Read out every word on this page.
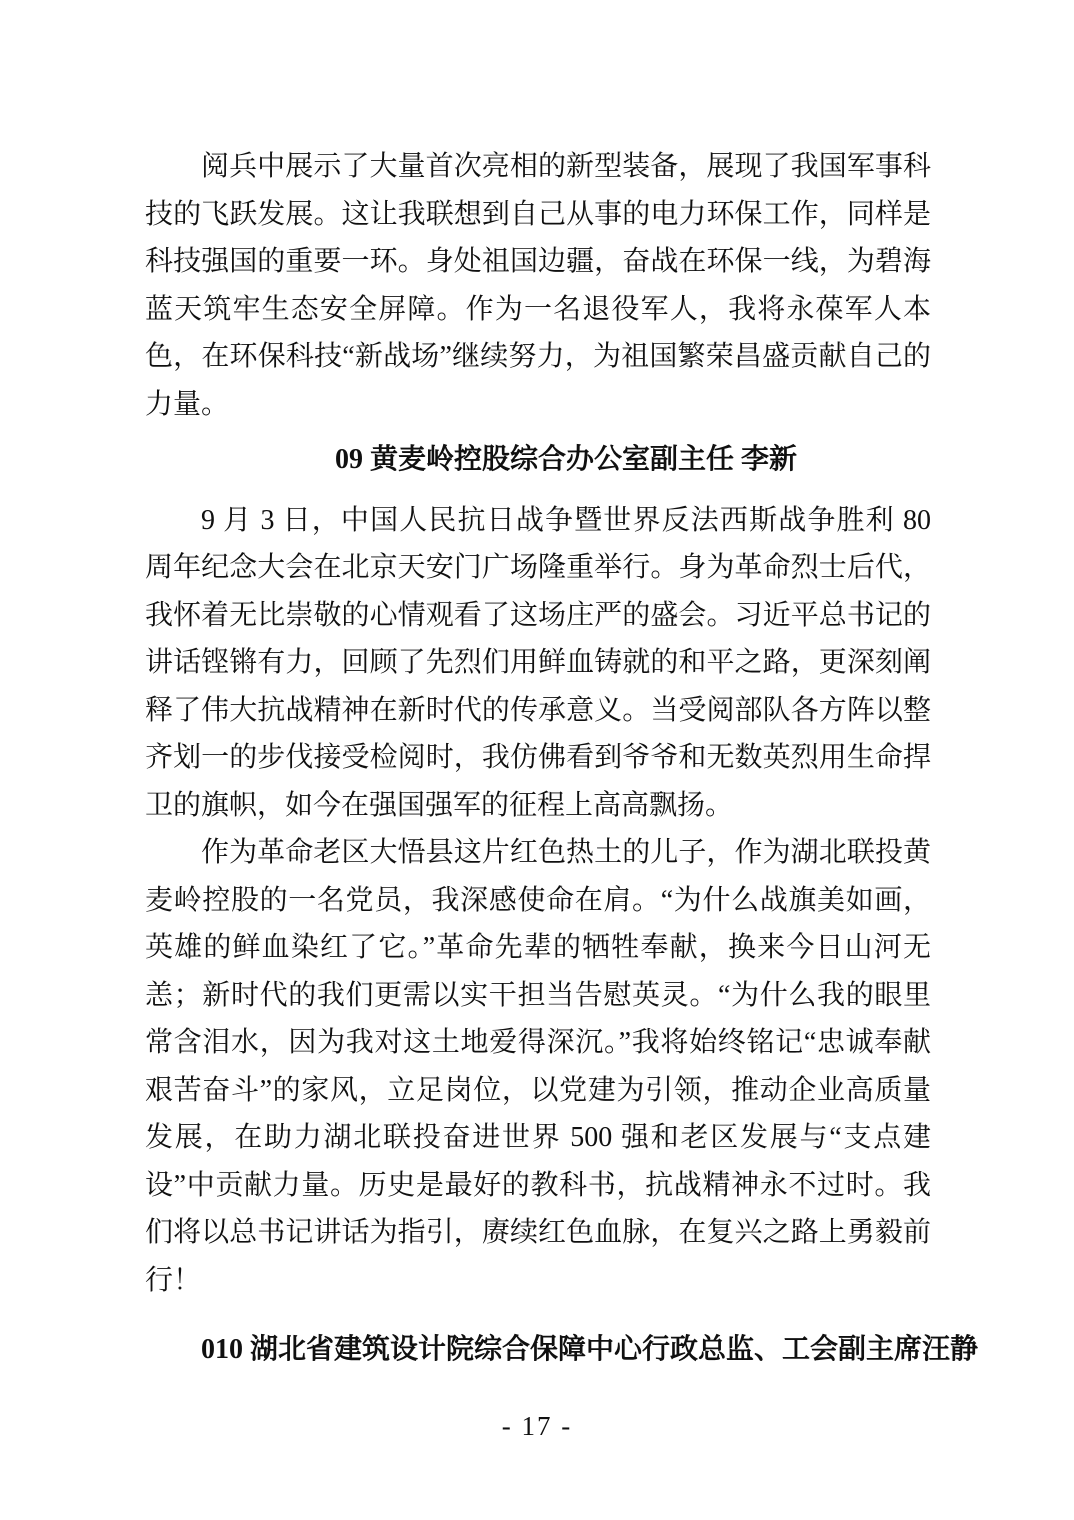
阅兵中展示了大量首次亮相的新型装备，展现了我国军事科技的飞跃发展。这让我联想到自己从事的电力环保工作，同样是科技强国的重要一环。身处祖国边疆，奋战在环保一线，为碧海蓝天筑牢生态安全屏障。作为一名退役军人，我将永葆军人本色，在环保科技“新战场”继续努力，为祖国繁荣昌盛贡献自己的力量。

09 黄麦岭控股综合办公室副主任 李新

9 月 3 日，中国人民抗日战争暨世界反法西斯战争胜利 80 周年纪念大会在北京天安门广场隆重举行。身为革命烈士后代，我怀着无比崇敬的心情观看了这场庄严的盛会。习近平总书记的讲话铿锵有力，回顾了先烈们用鲜血铸就的和平之路，更深刻阐释了伟大抗战精神在新时代的传承意义。当受阅部队各方阵以整齐划一的步伐接受检阅时，我仿佛看到爷爷和无数英烈用生命捍卫的旗帜，如今在强国强军的征程上高高飘扬。

作为革命老区大悟县这片红色热土的儿子，作为湖北联投黄麦岭控股的一名党员，我深感使命在肩。“为什么战旗美如画，英雄的鲜血染红了它。”革命先辈的牺牲奉献，换来今日山河无恙；新时代的我们更需以实干担当告慰英灵。“为什么我的眼里常含泪水，因为我对这土地爱得深沉。”我将始终铭记“忠诚奉献　艰苦奋斗”的家风，立足岗位，以党建为引领，推动企业高质量发展，在助力湖北联投奋进世界 500 强和老区发展与“支点建设”中贡献力量。历史是最好的教科书，抗战精神永不过时。我们将以总书记讲话为指引，赓续红色血脉，在复兴之路上勇毅前行！

010 湖北省建筑设计院综合保障中心行政总监、工会副主席汪静
- 17 -
